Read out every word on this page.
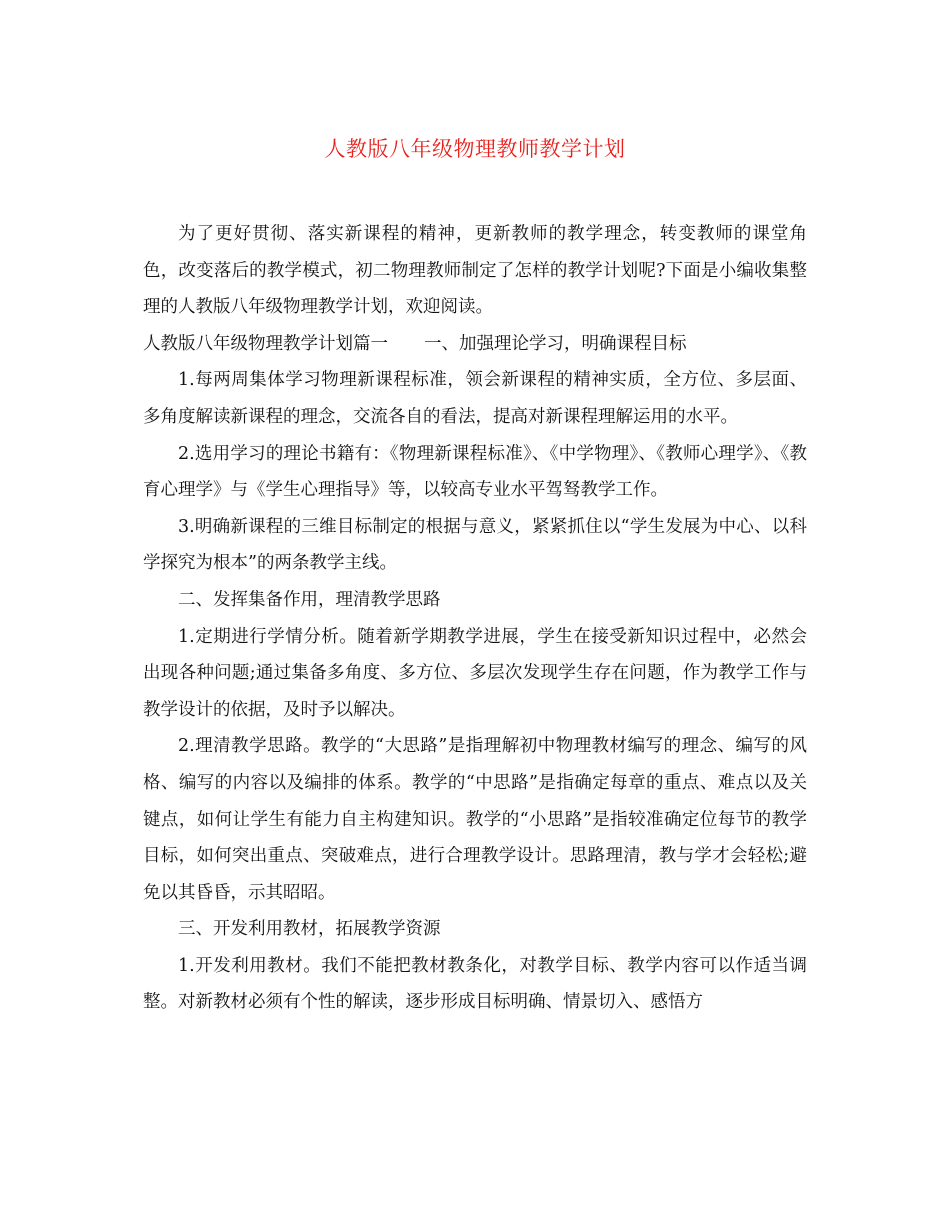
人教版八年级物理教师教学计划

为了更好贯彻、落实新课程的精神，更新教师的教学理念，转变教师的课堂角色，改变落后的教学模式，初二物理教师制定了怎样的教学计划呢?下面是小编收集整理的人教版八年级物理教学计划，欢迎阅读。

人教版八年级物理教学计划篇一 一、加强理论学习，明确课程目标

1.每两周集体学习物理新课程标准，领会新课程的精神实质，全方位、多层面、多角度解读新课程的理念，交流各自的看法，提高对新课程理解运用的水平。

2.选用学习的理论书籍有：《物理新课程标准》、《中学物理》、《教师心理学》、《教育心理学》与《学生心理指导》等，以较高专业水平驾驽教学工作。

3.明确新课程的三维目标制定的根据与意义，紧紧抓住以“学生发展为中心、以科学探究为根本”的两条教学主线。

二、发挥集备作用，理清教学思路

1.定期进行学情分析。随着新学期教学进展，学生在接受新知识过程中，必然会出现各种问题;通过集备多角度、多方位、多层次发现学生存在问题，作为教学工作与教学设计的依据，及时予以解决。

2.理清教学思路。教学的“大思路”是指理解初中物理教材编写的理念、编写的风格、编写的内容以及编排的体系。教学的“中思路”是指确定每章的重点、难点以及关键点，如何让学生有能力自主构建知识。教学的“小思路”是指较准确定位每节的教学目标，如何突出重点、突破难点，进行合理教学设计。思路理清，教与学才会轻松;避免以其昏昏，示其昭昭。

三、开发利用教材，拓展教学资源

1.开发利用教材。我们不能把教材教条化，对教学目标、教学内容可以作适当调整。对新教材必须有个性的解读，逐步形成目标明确、情景切入、感悟方
